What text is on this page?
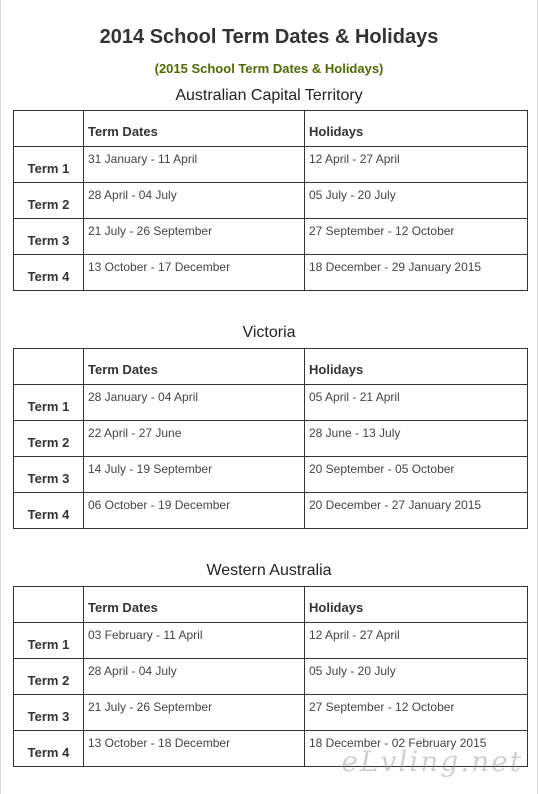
2014 School Term Dates & Holidays
(2015 School Term Dates & Holidays)
Australian Capital Territory
	Term Dates	Holidays
Term 1	31 January - 11 April	12 April - 27 April
Term 2	28 April - 04 July	05 July - 20 July
Term 3	21 July - 26 September	27 September - 12 October
Term 4	13 October - 17 December	18 December - 29 January 2015
Victoria
	Term Dates	Holidays
Term 1	28 January - 04 April	05 April - 21 April
Term 2	22 April - 27 June	28 June - 13 July
Term 3	14 July - 19 September	20 September - 05 October
Term 4	06 October - 19 December	20 December - 27 January 2015
Western Australia
	Term Dates	Holidays
Term 1	03 February - 11 April	12 April - 27 April
Term 2	28 April - 04 July	05 July - 20 July
Term 3	21 July - 26 September	27 September - 12 October
Term 4	13 October - 18 December	18 December - 02 February 2015
eLvling.net
